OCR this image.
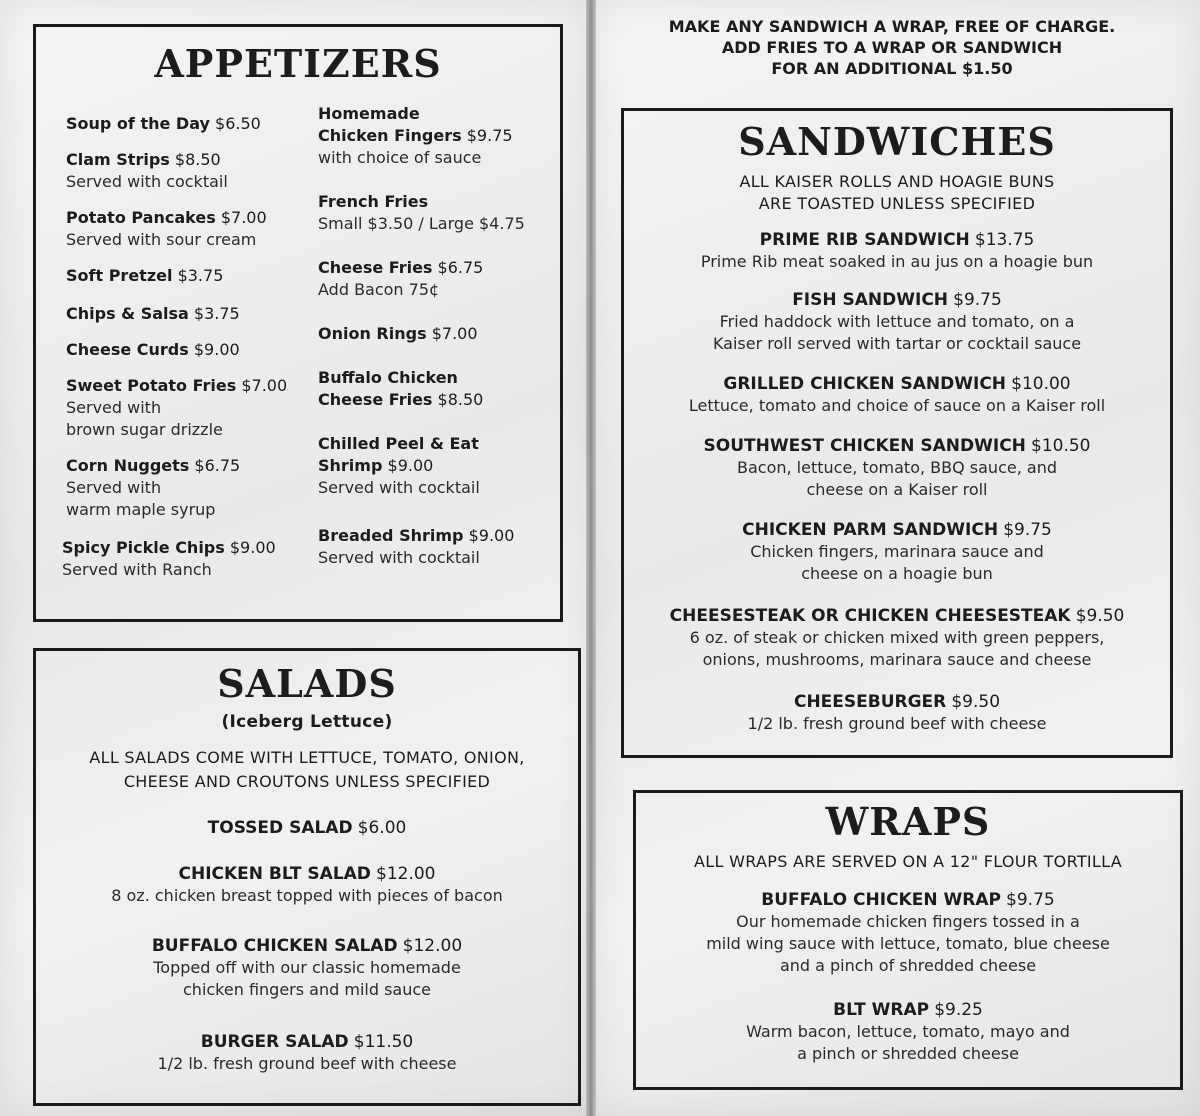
APPETIZERS
Soup of the Day $6.50
Clam Strips $8.50
Served with cocktail
Potato Pancakes $7.00
Served with sour cream
Soft Pretzel $3.75
Chips & Salsa $3.75
Cheese Curds $9.00
Sweet Potato Fries $7.00
Served with
brown sugar drizzle
Corn Nuggets $6.75
Served with
warm maple syrup
Spicy Pickle Chips $9.00
Served with Ranch
Homemade
Chicken Fingers $9.75
with choice of sauce
French Fries
Small $3.50 / Large $4.75
Cheese Fries $6.75
Add Bacon 75¢
Onion Rings $7.00
Buffalo Chicken
Cheese Fries $8.50
Chilled Peel & Eat
Shrimp $9.00
Served with cocktail
Breaded Shrimp $9.00
Served with cocktail
SALADS

(Iceberg Lettuce)

ALL SALADS COME WITH LETTUCE, TOMATO, ONION,

CHEESE AND CROUTONS UNLESS SPECIFIED

TOSSED SALAD $6.00
CHICKEN BLT SALAD $12.00
8 oz. chicken breast topped with pieces of bacon
BUFFALO CHICKEN SALAD $12.00
Topped off with our classic homemade
chicken fingers and mild sauce
BURGER SALAD $11.50
1/2 lb. fresh ground beef with cheese

MAKE ANY SANDWICH A WRAP, FREE OF CHARGE.
ADD FRIES TO A WRAP OR SANDWICH
FOR AN ADDITIONAL $1.50

SANDWICHES

ALL KAISER ROLLS AND HOAGIE BUNS

ARE TOASTED UNLESS SPECIFIED

PRIME RIB SANDWICH $13.75
Prime Rib meat soaked in au jus on a hoagie bun
FISH SANDWICH $9.75
Fried haddock with lettuce and tomato, on a
Kaiser roll served with tartar or cocktail sauce
GRILLED CHICKEN SANDWICH $10.00
Lettuce, tomato and choice of sauce on a Kaiser roll
SOUTHWEST CHICKEN SANDWICH $10.50
Bacon, lettuce, tomato, BBQ sauce, and
cheese on a Kaiser roll
CHICKEN PARM SANDWICH $9.75
Chicken fingers, marinara sauce and
cheese on a hoagie bun
CHEESESTEAK OR CHICKEN CHEESESTEAK $9.50
6 oz. of steak or chicken mixed with green peppers,
onions, mushrooms, marinara sauce and cheese
CHEESEBURGER $9.50
1/2 lb. fresh ground beef with cheese
WRAPS

ALL WRAPS ARE SERVED ON A 12" FLOUR TORTILLA

BUFFALO CHICKEN WRAP $9.75
Our homemade chicken fingers tossed in a
mild wing sauce with lettuce, tomato, blue cheese
and a pinch of shredded cheese
BLT WRAP $9.25
Warm bacon, lettuce, tomato, mayo and
a pinch or shredded cheese
